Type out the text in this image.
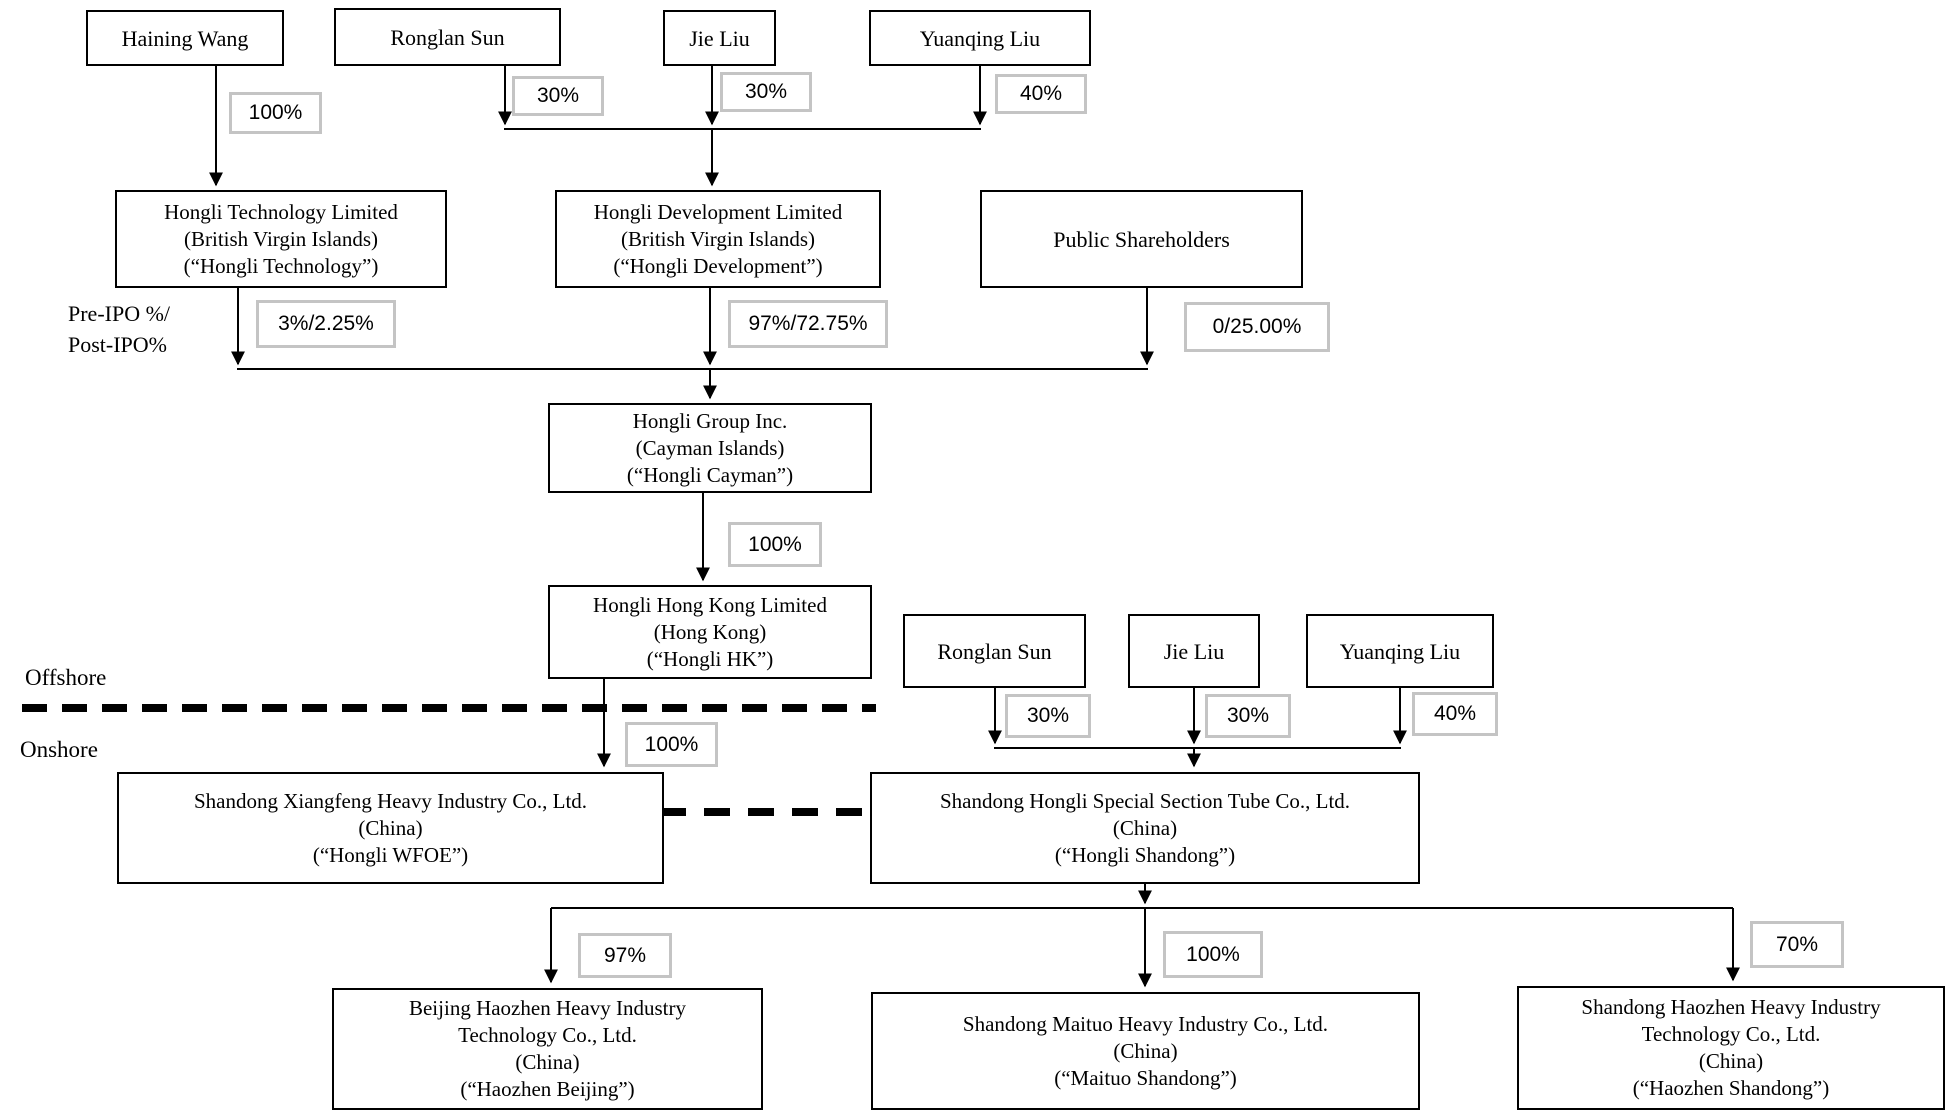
Haining Wang	Ronglan Sun	Jie Liu	Yuanqing Liu
Hongli Technology Limited
(British Virgin Islands)
(“Hongli Technology”)
Hongli Development Limited
(British Virgin Islands)
(“Hongli Development”)
Public Shareholders
Hongli Group Inc.
(Cayman Islands)
(“Hongli Cayman”)
Hongli Hong Kong Limited
(Hong Kong)
(“Hongli HK”)	Ronglan Sun	Jie Liu	Yuanqing Liu
Shandong Xiangfeng Heavy Industry Co., Ltd.
(China)
(“Hongli WFOE”)
Shandong Hongli Special Section Tube Co., Ltd.
(China)
(“Hongli Shandong”)
Beijing Haozhen Heavy Industry
Technology Co., Ltd.
(China)
(“Haozhen Beijing”)
Shandong Maituo Heavy Industry Co., Ltd.
(China)
(“Maituo Shandong”)
Shandong Haozhen Heavy Industry
Technology Co., Ltd.
(China)
(“Haozhen Shandong”)
100%
30%	30%	40%
3%/2.25%	97%/72.75%	0/25.00%
100%
100%
30%	30%	40%
97%	100%	70%
Pre-IPO %/
Post-IPO%
Offshore
Onshore
